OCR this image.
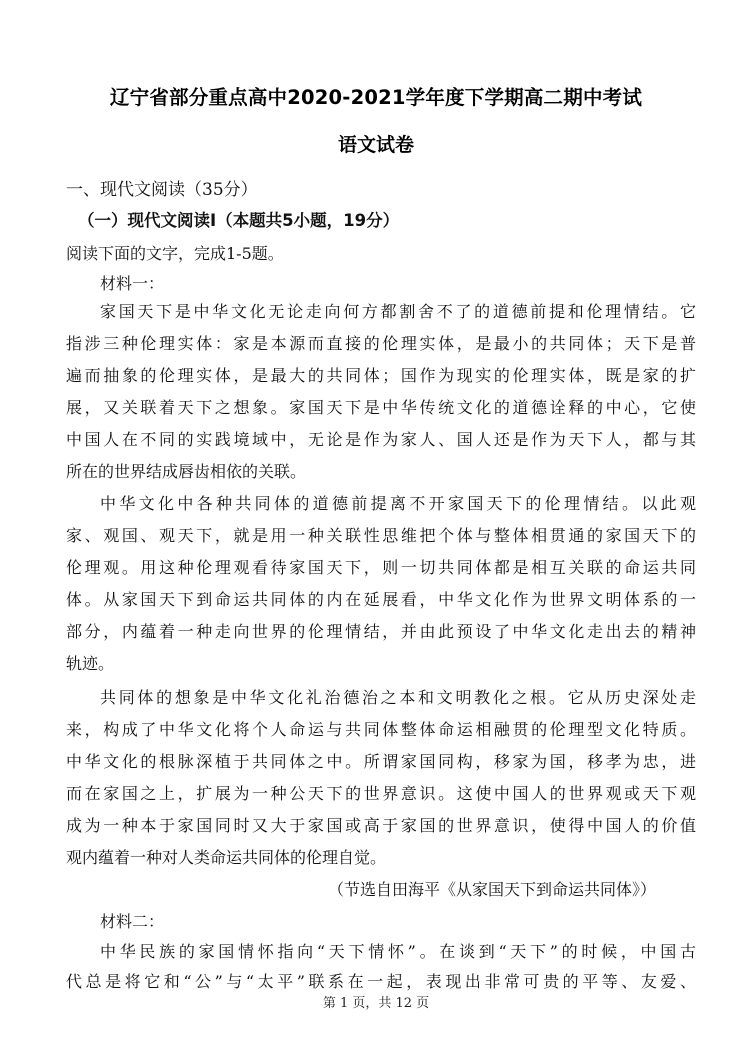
辽宁省部分重点高中2020-2021学年度下学期高二期中考试
语文试卷
一、现代文阅读（35分）
（一）现代文阅读Ⅰ（本题共5小题，19分）
阅读下面的文字，完成1-5题。
材料一：
家国天下是中华文化无论走向何方都割舍不了的道德前提和伦理情结。它
指涉三种伦理实体：家是本源而直接的伦理实体，是最小的共同体；天下是普
遍而抽象的伦理实体，是最大的共同体；国作为现实的伦理实体，既是家的扩
展，又关联着天下之想象。家国天下是中华传统文化的道德诠释的中心，它使
中国人在不同的实践境域中，无论是作为家人、国人还是作为天下人，都与其
所在的世界结成唇齿相依的关联。
中华文化中各种共同体的道德前提离不开家国天下的伦理情结。以此观
家、观国、观天下，就是用一种关联性思维把个体与整体相贯通的家国天下的
伦理观。用这种伦理观看待家国天下，则一切共同体都是相互关联的命运共同
体。从家国天下到命运共同体的内在延展看，中华文化作为世界文明体系的一
部分，内蕴着一种走向世界的伦理情结，并由此预设了中华文化走出去的精神
轨迹。
共同体的想象是中华文化礼治德治之本和文明教化之根。它从历史深处走
来，构成了中华文化将个人命运与共同体整体命运相融贯的伦理型文化特质。
中华文化的根脉深植于共同体之中。所谓家国同构，移家为国，移孝为忠，进
而在家国之上，扩展为一种公天下的世界意识。这使中国人的世界观或天下观
成为一种本于家国同时又大于家国或高于家国的世界意识，使得中国人的价值
观内蕴着一种对人类命运共同体的伦理自觉。
（节选自田海平《从家国天下到命运共同体》）
材料二：
中华民族的家国情怀指向“天下情怀”。在谈到“天下”的时候，中国古
代总是将它和“公”与“太平”联系在一起，表现出非常可贵的平等、友爱、
第 1 页，共 12 页
